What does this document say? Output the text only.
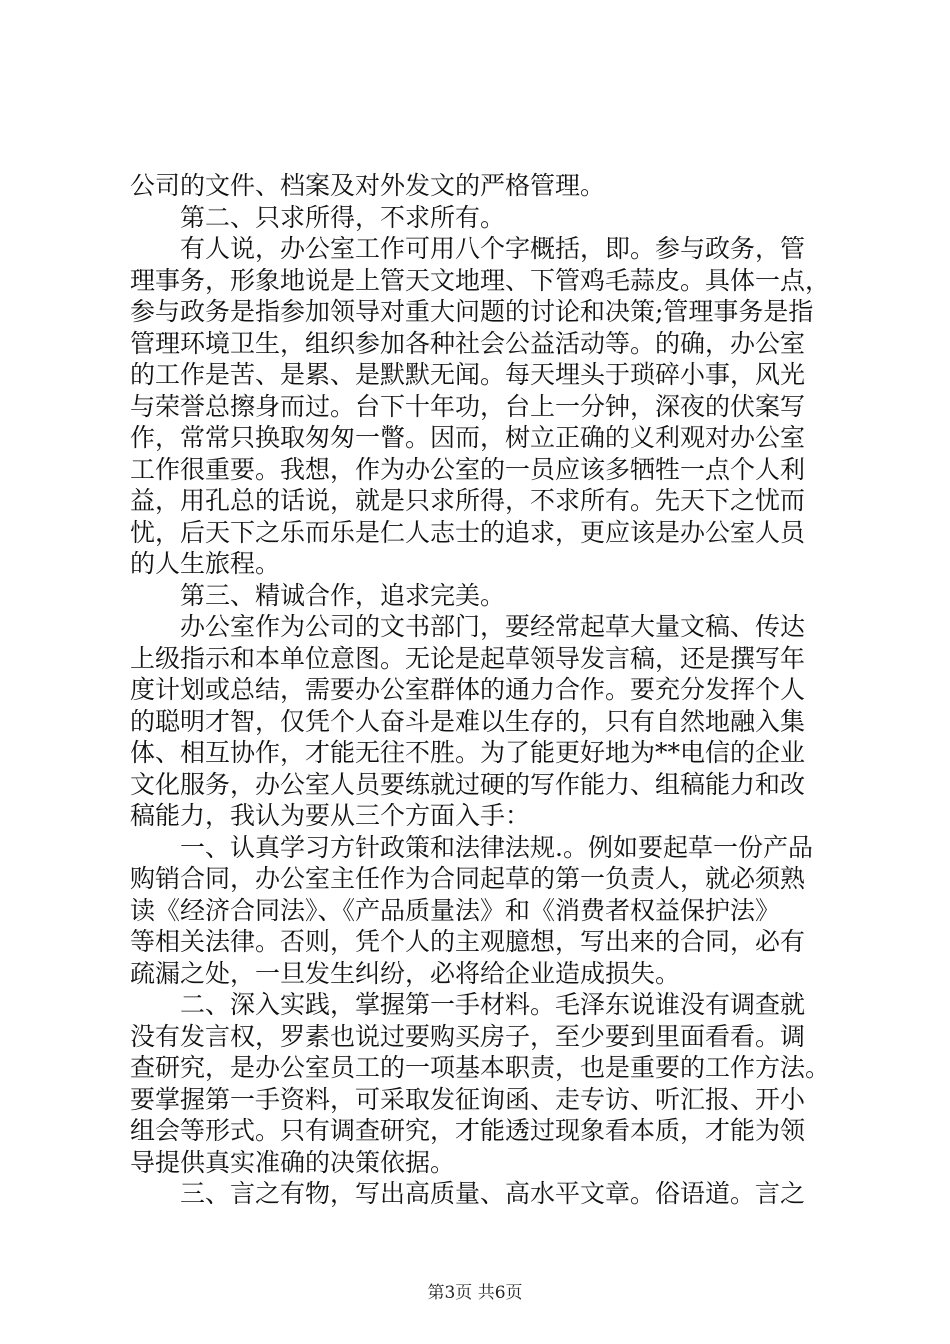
公司的文件、档案及对外发文的严格管理。
　　第二、只求所得，不求所有。
　　有人说，办公室工作可用八个字概括，即。参与政务，管
理事务，形象地说是上管天文地理、下管鸡毛蒜皮。具体一点，
参与政务是指参加领导对重大问题的讨论和决策;管理事务是指
管理环境卫生，组织参加各种社会公益活动等。的确，办公室
的工作是苦、是累、是默默无闻。每天埋头于琐碎小事，风光
与荣誉总擦身而过。台下十年功，台上一分钟，深夜的伏案写
作，常常只换取匆匆一瞥。因而，树立正确的义利观对办公室
工作很重要。我想，作为办公室的一员应该多牺牲一点个人利
益，用孔总的话说，就是只求所得，不求所有。先天下之忧而
忧，后天下之乐而乐是仁人志士的追求，更应该是办公室人员
的人生旅程。
　　第三、精诚合作，追求完美。
　　办公室作为公司的文书部门，要经常起草大量文稿、传达
上级指示和本单位意图。无论是起草领导发言稿，还是撰写年
度计划或总结，需要办公室群体的通力合作。要充分发挥个人
的聪明才智，仅凭个人奋斗是难以生存的，只有自然地融入集
体、相互协作，才能无往不胜。为了能更好地为**电信的企业
文化服务，办公室人员要练就过硬的写作能力、组稿能力和改
稿能力，我认为要从三个方面入手：
　　一、认真学习方针政策和法律法规.。例如要起草一份产品
购销合同，办公室主任作为合同起草的第一负责人，就必须熟
读《经济合同法》、《产品质量法》和《消费者权益保护法》
等相关法律。否则，凭个人的主观臆想，写出来的合同，必有
疏漏之处，一旦发生纠纷，必将给企业造成损失。
　　二、深入实践，掌握第一手材料。毛泽东说谁没有调查就
没有发言权，罗素也说过要购买房子，至少要到里面看看。调
查研究，是办公室员工的一项基本职责，也是重要的工作方法。
要掌握第一手资料，可采取发征询函、走专访、听汇报、开小
组会等形式。只有调查研究，才能透过现象看本质，才能为领
导提供真实准确的决策依据。
　　三、言之有物，写出高质量、高水平文章。俗语道。言之
第3页 共6页
